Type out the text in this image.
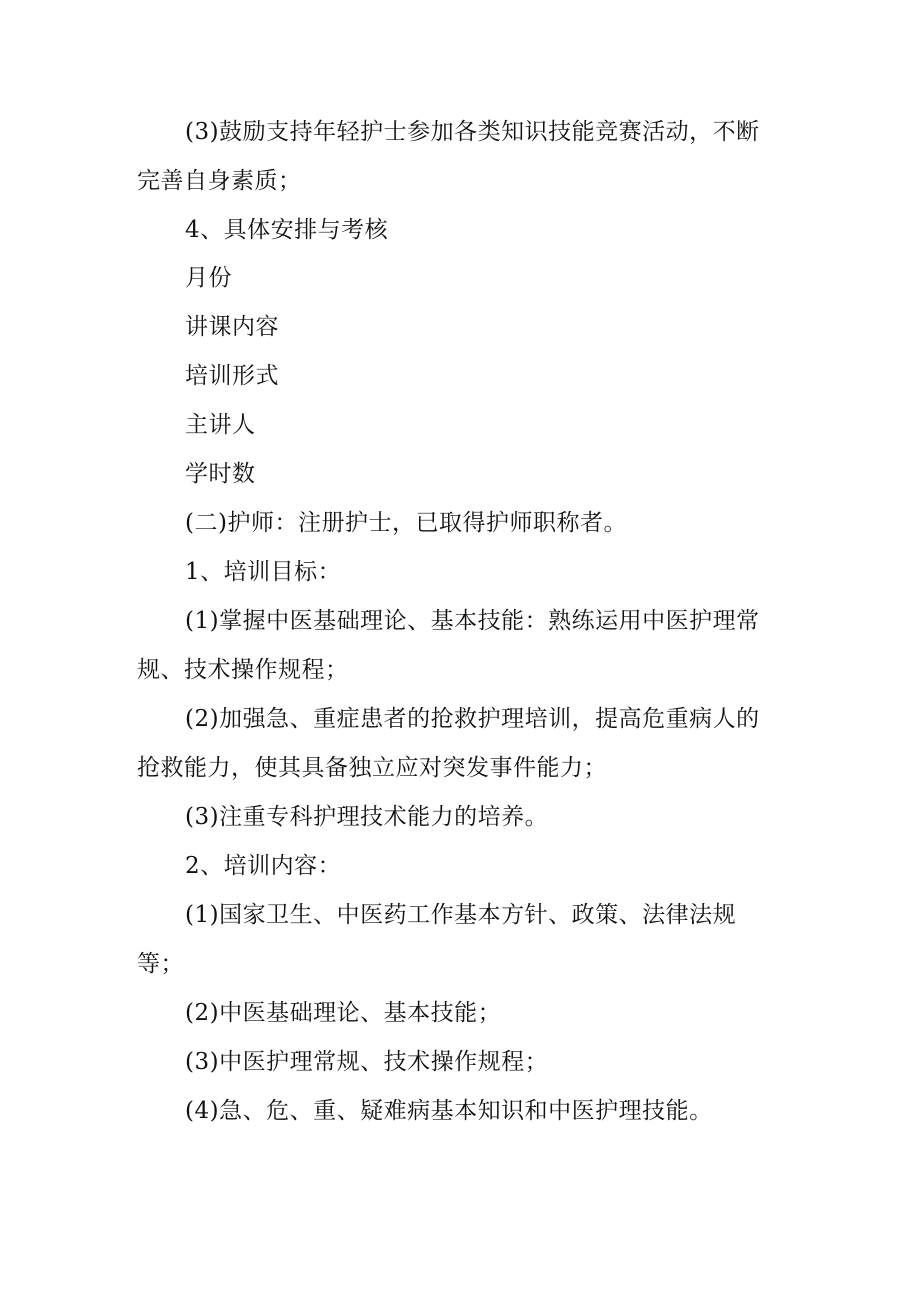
(3)鼓励支持年轻护士参加各类知识技能竞赛活动，不断
完善自身素质；
4、具体安排与考核
月份
讲课内容
培训形式
主讲人
学时数
(二)护师：注册护士，已取得护师职称者。
1、培训目标：
(1)掌握中医基础理论、基本技能：熟练运用中医护理常
规、技术操作规程；
(2)加强急、重症患者的抢救护理培训，提高危重病人的
抢救能力，使其具备独立应对突发事件能力；
(3)注重专科护理技术能力的培养。
2、培训内容：
(1)国家卫生、中医药工作基本方针、政策、法律法规
等；
(2)中医基础理论、基本技能；
(3)中医护理常规、技术操作规程；
(4)急、危、重、疑难病基本知识和中医护理技能。
